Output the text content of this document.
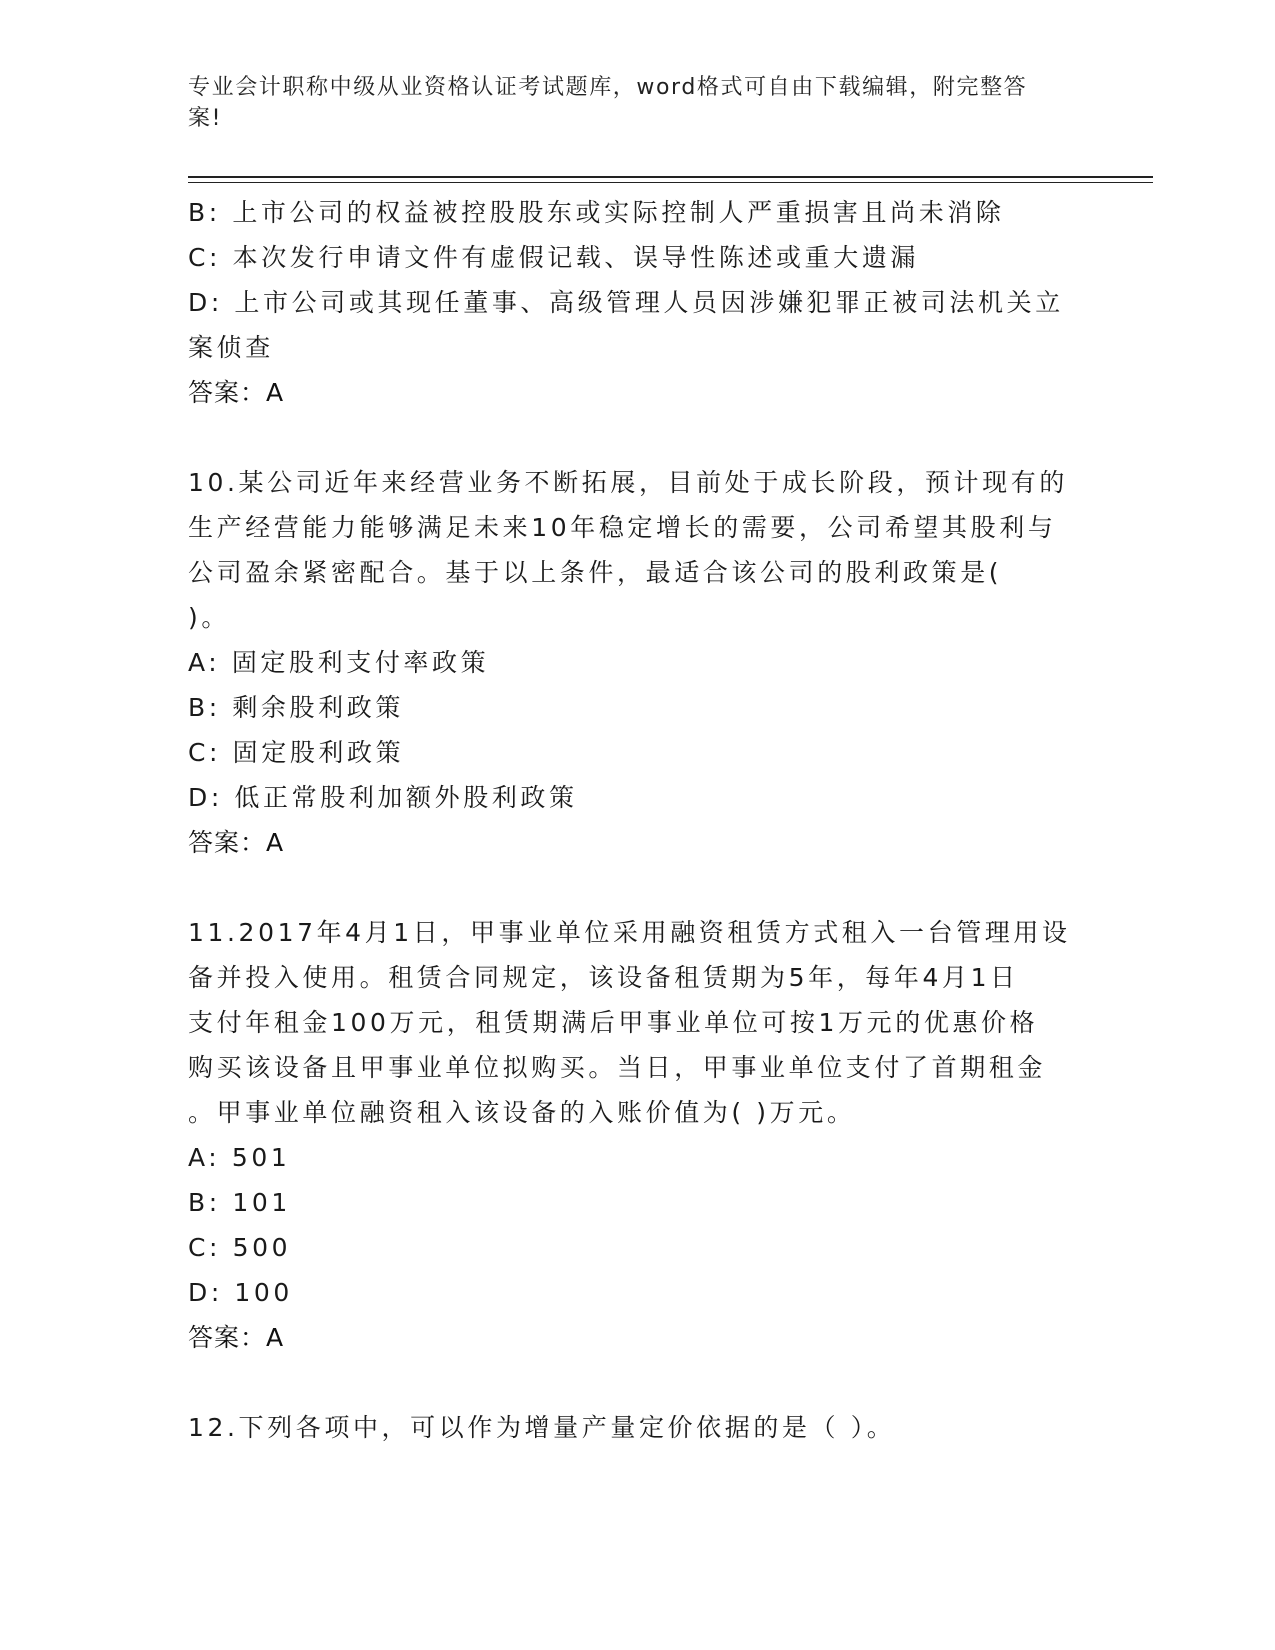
专业会计职称中级从业资格认证考试题库，word格式可自由下载编辑，附完整答
案!
B: 上市公司的权益被控股股东或实际控制人严重损害且尚未消除
C: 本次发行申请文件有虚假记载、误导性陈述或重大遗漏
D: 上市公司或其现任董事、高级管理人员因涉嫌犯罪正被司法机关立
案侦查
答案：A
10.某公司近年来经营业务不断拓展，目前处于成长阶段，预计现有的
生产经营能力能够满足未来10年稳定增长的需要，公司希望其股利与
公司盈余紧密配合。基于以上条件，最适合该公司的股利政策是(
)。
A: 固定股利支付率政策
B: 剩余股利政策
C: 固定股利政策
D: 低正常股利加额外股利政策
答案：A
11.2017年4月1日，甲事业单位采用融资租赁方式租入一台管理用设
备并投入使用。租赁合同规定，该设备租赁期为5年，每年4月1日
支付年租金100万元，租赁期满后甲事业单位可按1万元的优惠价格
购买该设备且甲事业单位拟购买。当日，甲事业单位支付了首期租金
。甲事业单位融资租入该设备的入账价值为( )万元。
A: 501
B: 101
C: 500
D: 100
答案：A
12.下列各项中，可以作为增量产量定价依据的是（ ）。
